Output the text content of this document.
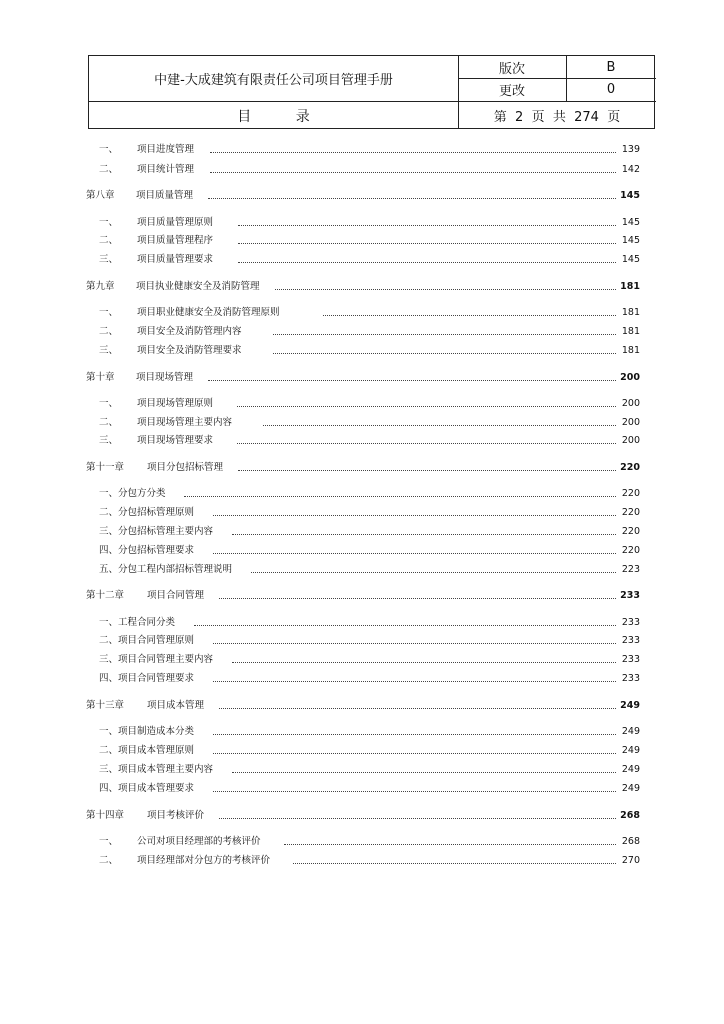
中建-大成建筑有限责任公司项目管理手册
版次	B
更改	0
目          录	第  2  页  共  274  页
一、 项目进度管理	139
二、 项目统计管理	142
第八章 项目质量管理	145
一、 项目质量管理原则	145
二、 项目质量管理程序	145
三、 项目质量管理要求	145
第九章 项目执业健康安全及消防管理	181
一、 项目职业健康安全及消防管理原则	181
二、 项目安全及消防管理内容	181
三、 项目安全及消防管理要求	181
第十章 项目现场管理	200
一、 项目现场管理原则	200
二、 项目现场管理主要内容	200
三、 项目现场管理要求	200
第十一章 项目分包招标管理	220
一、 分包方分类	220
二、 分包招标管理原则	220
三、 分包招标管理主要内容	220
四、 分包招标管理要求	220
五、 分包工程内部招标管理说明	223
第十二章 项目合同管理	233
一、 工程合同分类	233
二、 项目合同管理原则	233
三、 项目合同管理主要内容	233
四、 项目合同管理要求	233
第十三章 项目成本管理	249
一、 项目制造成本分类	249
二、 项目成本管理原则	249
三、 项目成本管理主要内容	249
四、 项目成本管理要求	249
第十四章 项目考核评价	268
一、 公司对项目经理部的考核评价	268
二、 项目经理部对分包方的考核评价	270
